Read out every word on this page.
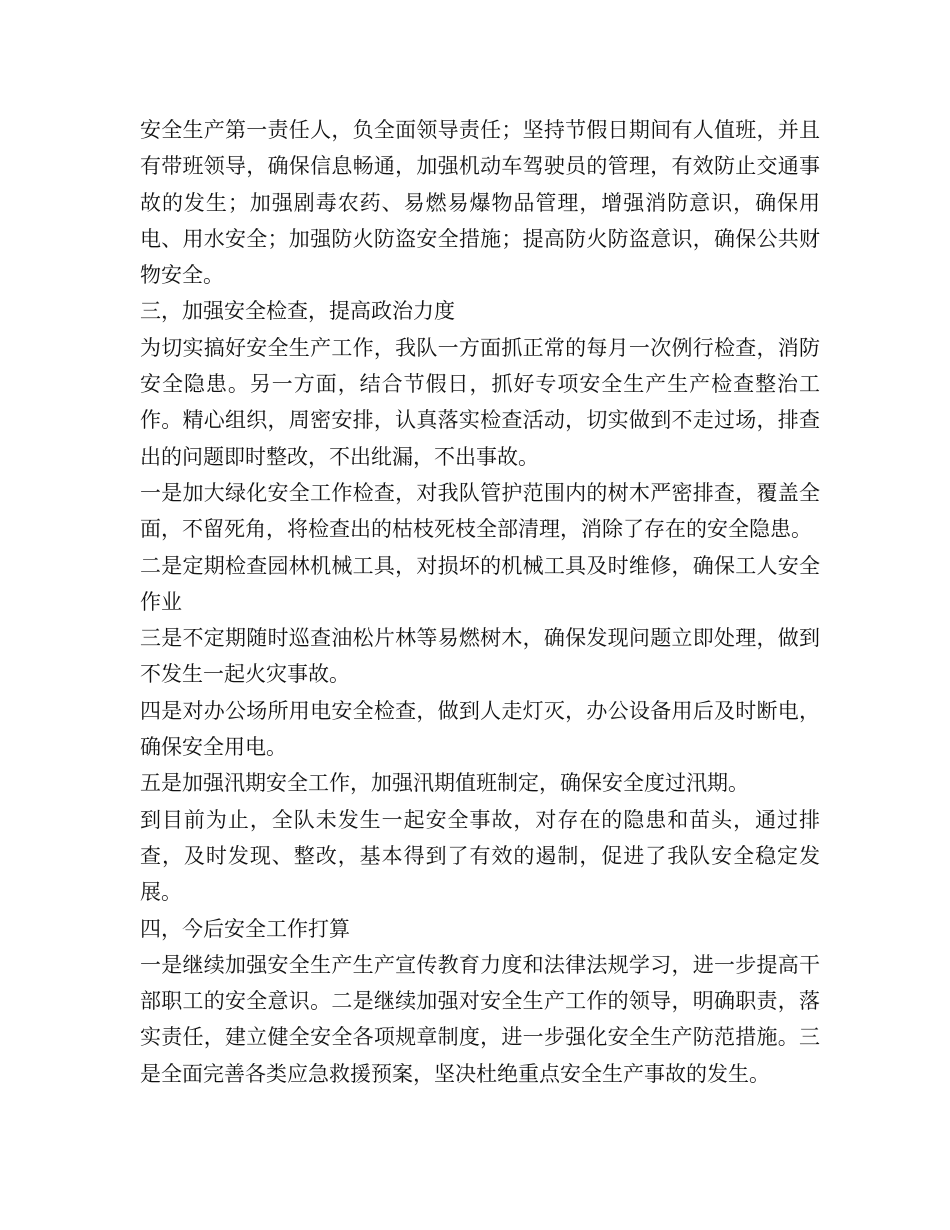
安全生产第一责任人，负全面领导责任；坚持节假日期间有人值班，并且有带班领导，确保信息畅通，加强机动车驾驶员的管理，有效防止交通事故的发生；加强剧毒农药、易燃易爆物品管理，增强消防意识，确保用电、用水安全；加强防火防盗安全措施；提高防火防盗意识，确保公共财物安全。

三，加强安全检查，提高政治力度

为切实搞好安全生产工作，我队一方面抓正常的每月一次例行检查，消防安全隐患。另一方面，结合节假日，抓好专项安全生产生产检查整治工作。精心组织，周密安排，认真落实检查活动，切实做到不走过场，排查出的问题即时整改，不出纰漏，不出事故。

一是加大绿化安全工作检查，对我队管护范围内的树木严密排查，覆盖全面，不留死角，将检查出的枯枝死枝全部清理，消除了存在的安全隐患。

二是定期检查园林机械工具，对损坏的机械工具及时维修，确保工人安全作业

三是不定期随时巡查油松片林等易燃树木，确保发现问题立即处理，做到不发生一起火灾事故。

四是对办公场所用电安全检查，做到人走灯灭，办公设备用后及时断电，确保安全用电。

五是加强汛期安全工作，加强汛期值班制定，确保安全度过汛期。

到目前为止，全队未发生一起安全事故，对存在的隐患和苗头，通过排查，及时发现、整改，基本得到了有效的遏制，促进了我队安全稳定发展。

四，今后安全工作打算

一是继续加强安全生产生产宣传教育力度和法律法规学习，进一步提高干部职工的安全意识。二是继续加强对安全生产工作的领导，明确职责，落实责任，建立健全安全各项规章制度，进一步强化安全生产防范措施。三是全面完善各类应急救援预案，坚决杜绝重点安全生产事故的发生。
